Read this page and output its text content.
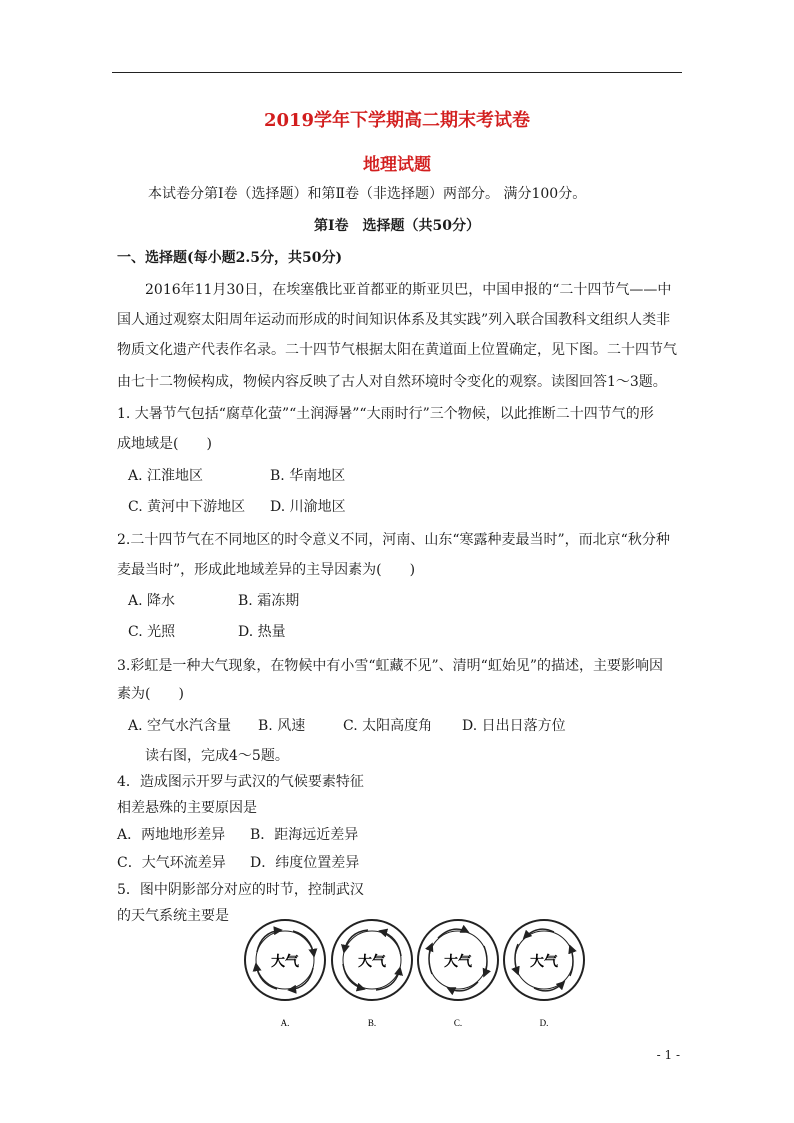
2019学年下学期高二期末考试卷
地理试题
本试卷分第Ⅰ卷（选择题）和第Ⅱ卷（非选择题）两部分。 满分100分。
第Ⅰ卷　选择题（共50分）
一、选择题(每小题2.5分，共50分)
2016年11月30日，在埃塞俄比亚首都亚的斯亚贝巴，中国申报的“二十四节气——中
国人通过观察太阳周年运动而形成的时间知识体系及其实践”列入联合国教科文组织人类非
物质文化遗产代表作名录。二十四节气根据太阳在黄道面上位置确定，见下图。二十四节气
由七十二物候构成，物候内容反映了古人对自然环境时令变化的观察。读图回答1～3题。
1. 大暑节气包括“腐草化萤”“土润溽暑”“大雨时行”三个物候，以此推断二十四节气的形
成地域是(　　)
A. 江淮地区	B. 华南地区
C. 黄河中下游地区 D. 川渝地区
2.二十四节气在不同地区的时令意义不同，河南、山东“寒露种麦最当时”，而北京“秋分种
麦最当时”，形成此地域差异的主导因素为(　　)
A. 降水	B. 霜冻期
C. 光照	D. 热量
3.彩虹是一种大气现象，在物候中有小雪“虹藏不见”、清明“虹始见”的描述，主要影响因
素为(　　)
A. 空气水汽含量 B. 风速	C. 太阳高度角 D. 日出日落方位
读右图，完成4～5题。
4．造成图示开罗与武汉的气候要素特征
相差悬殊的主要原因是
A．两地地形差异 B．距海远近差异
C．大气环流差异 D．纬度位置差异
5．图中阴影部分对应的时节，控制武汉
的天气系统主要是
大气	大气	大气	大气
A.	B.	C.	D.
- 1 -
